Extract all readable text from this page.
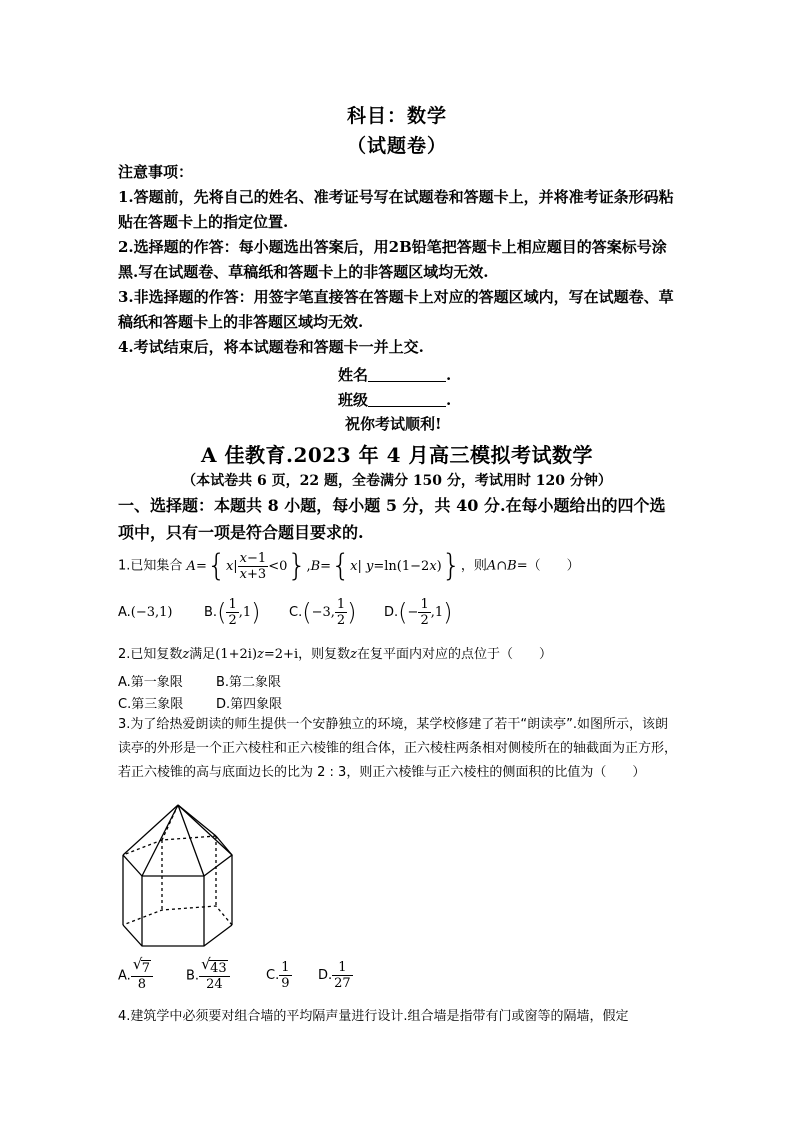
科目：数学
（试题卷）
注意事项：
1.答题前，先将自己的姓名、准考证号写在试题卷和答题卡上，并将准考证条形码粘贴在答题卡上的指定位置.
2.选择题的作答：每小题选出答案后，用2B铅笔把答题卡上相应题目的答案标号涂黑.写在试题卷、草稿纸和答题卡上的非答题区域均无效.
3.非选择题的作答：用签字笔直接答在答题卡上对应的答题区域内，写在试题卷、草稿纸和答题卡上的非答题区域均无效.
4.考试结束后，将本试题卷和答题卡一并上交.
姓名	.
班级	.
祝你考试顺利!
A 佳教育.2023 年 4 月高三模拟考试数学
（本试卷共 6 页，22 题，全卷满分 150 分，考试用时 120 分钟）
一、选择题：本题共 8 小题，每小题 5 分，共 40 分.在每小题给出的四个选项中，只有一项是符合题目要求的.
1.已知集合 $A=\{x| \frac{x-1}{x+3} <0\},B=\{x|$ y=ln(1−2x)}，则A∩B=（　　）
A.(−3,1) $B.( \frac{1}{2} ,1)$ C.(−3, $\frac{1}{2}$ ) $D.(- \frac{1}{2} ,1)$
2.已知复数z满足(1+2i)z=2+i，则复数z在复平面内对应的点位于（　　）
A.第一象限	B.第二象限
C.第三象限	D.第四象限
3.为了给热爱朗读的师生提供一个安静独立的环境，某学校修建了若干“朗读亭”.如图所示，该朗读亭的外形是一个正六棱柱和正六棱锥的组合体，正六棱柱两条相对侧棱所在的轴截面为正方形，若正六棱锥的高与底面边长的比为 2 : 3，则正六棱锥与正六棱柱的侧面积的比值为（　　）
A. $\frac{√ 7}{8}$	B. $\frac{√ 43}{24}$	C. $\frac{1}{9} D$. $\frac{1}{27}$
4.建筑学中必须要对组合墙的平均隔声量进行设计.组合墙是指带有门或窗等的隔墙，假定
